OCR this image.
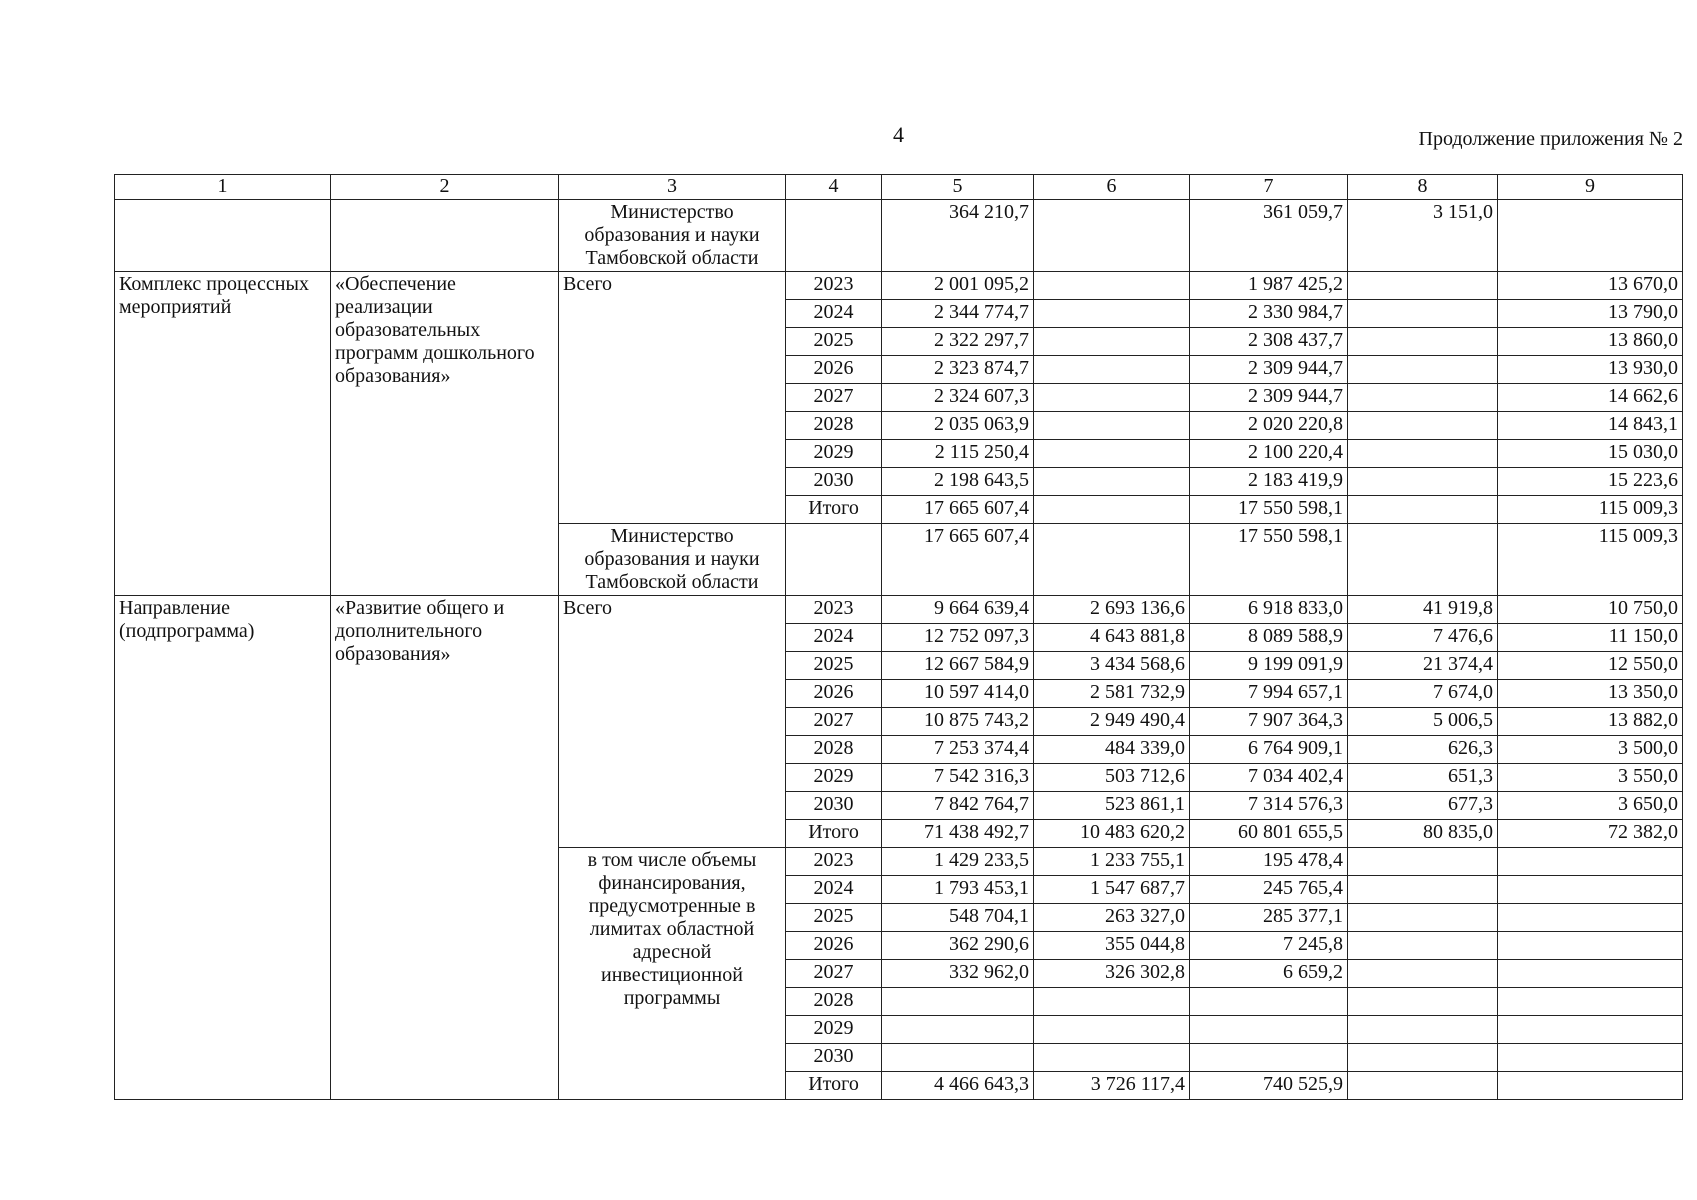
4	Продолжение приложения № 2
1	2	3	4	5	6	7	8	9
		Министерство образования и науки Тамбовской области		364 210,7		361 059,7	3 151,0	
Комплекс процессных мероприятий	«Обеспечение реализации образовательных программ дошкольного образования»	Всего	2023	2 001 095,2		1 987 425,2		13 670,0
			2024	2 344 774,7		2 330 984,7		13 790,0
			2025	2 322 297,7		2 308 437,7		13 860,0
			2026	2 323 874,7		2 309 944,7		13 930,0
			2027	2 324 607,3		2 309 944,7		14 662,6
			2028	2 035 063,9		2 020 220,8		14 843,1
			2029	2 115 250,4		2 100 220,4		15 030,0
			2030	2 198 643,5		2 183 419,9		15 223,6
			Итого	17 665 607,4		17 550 598,1		115 009,3
		Министерство образования и науки Тамбовской области		17 665 607,4		17 550 598,1		115 009,3
Направление (подпрограмма)	«Развитие общего и дополнительного образования»	Всего	2023	9 664 639,4	2 693 136,6	6 918 833,0	41 919,8	10 750,0
			2024	12 752 097,3	4 643 881,8	8 089 588,9	7 476,6	11 150,0
			2025	12 667 584,9	3 434 568,6	9 199 091,9	21 374,4	12 550,0
			2026	10 597 414,0	2 581 732,9	7 994 657,1	7 674,0	13 350,0
			2027	10 875 743,2	2 949 490,4	7 907 364,3	5 006,5	13 882,0
			2028	7 253 374,4	484 339,0	6 764 909,1	626,3	3 500,0
			2029	7 542 316,3	503 712,6	7 034 402,4	651,3	3 550,0
			2030	7 842 764,7	523 861,1	7 314 576,3	677,3	3 650,0
			Итого	71 438 492,7	10 483 620,2	60 801 655,5	80 835,0	72 382,0
		в том числе объемы финансирования, предусмотренные в лимитах областной адресной инвестиционной программы	2023	1 429 233,5	1 233 755,1	195 478,4		
			2024	1 793 453,1	1 547 687,7	245 765,4		
			2025	548 704,1	263 327,0	285 377,1		
			2026	362 290,6	355 044,8	7 245,8		
			2027	332 962,0	326 302,8	6 659,2		
			2028					
			2029					
			2030					
			Итого	4 466 643,3	3 726 117,4	740 525,9		
